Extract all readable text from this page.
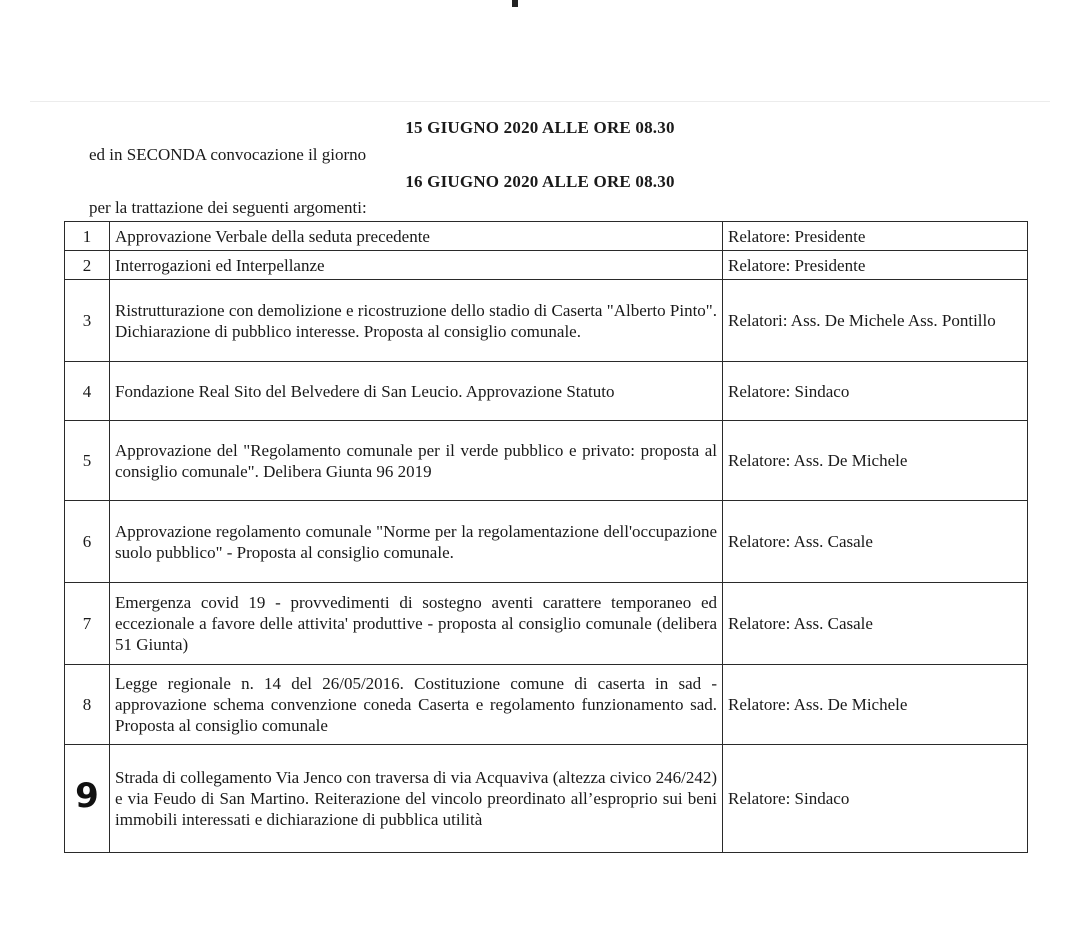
15 GIUGNO 2020 ALLE ORE 08.30
ed in SECONDA convocazione il giorno
16 GIUGNO 2020 ALLE ORE 08.30
per la trattazione dei seguenti argomenti:
1	Approvazione Verbale della seduta precedente	Relatore: Presidente
2	Interrogazioni ed Interpellanze	Relatore: Presidente
3	Ristrutturazione con demolizione e ricostruzione dello stadio di Caserta "Alberto Pinto". Dichiarazione di pubblico interesse. Proposta al consiglio comunale.	Relatori: Ass. De Michele Ass. Pontillo
4	Fondazione Real Sito del Belvedere di San Leucio. Approvazione Statuto	Relatore: Sindaco
5	Approvazione del "Regolamento comunale per il verde pubblico e privato: proposta al consiglio comunale". Delibera Giunta 96 2019	Relatore: Ass. De Michele
6	Approvazione regolamento comunale "Norme per la regolamentazione dell'occupazione suolo pubblico" - Proposta al consiglio comunale.	Relatore: Ass. Casale
7	Emergenza covid 19 - provvedimenti di sostegno aventi carattere temporaneo ed eccezionale a favore delle attivita' produttive - proposta al consiglio comunale (delibera 51 Giunta)	Relatore: Ass. Casale
8	Legge regionale n. 14 del 26/05/2016. Costituzione comune di caserta in sad - approvazione schema convenzione coneda Caserta e regolamento funzionamento sad. Proposta al consiglio comunale	Relatore: Ass. De Michele
9	Strada di collegamento Via Jenco con traversa di via Acquaviva (altezza civico 246/242) e via Feudo di San Martino. Reiterazione del vincolo preordinato all’esproprio sui beni immobili interessati e dichiarazione di pubblica utilità	Relatore: Sindaco
